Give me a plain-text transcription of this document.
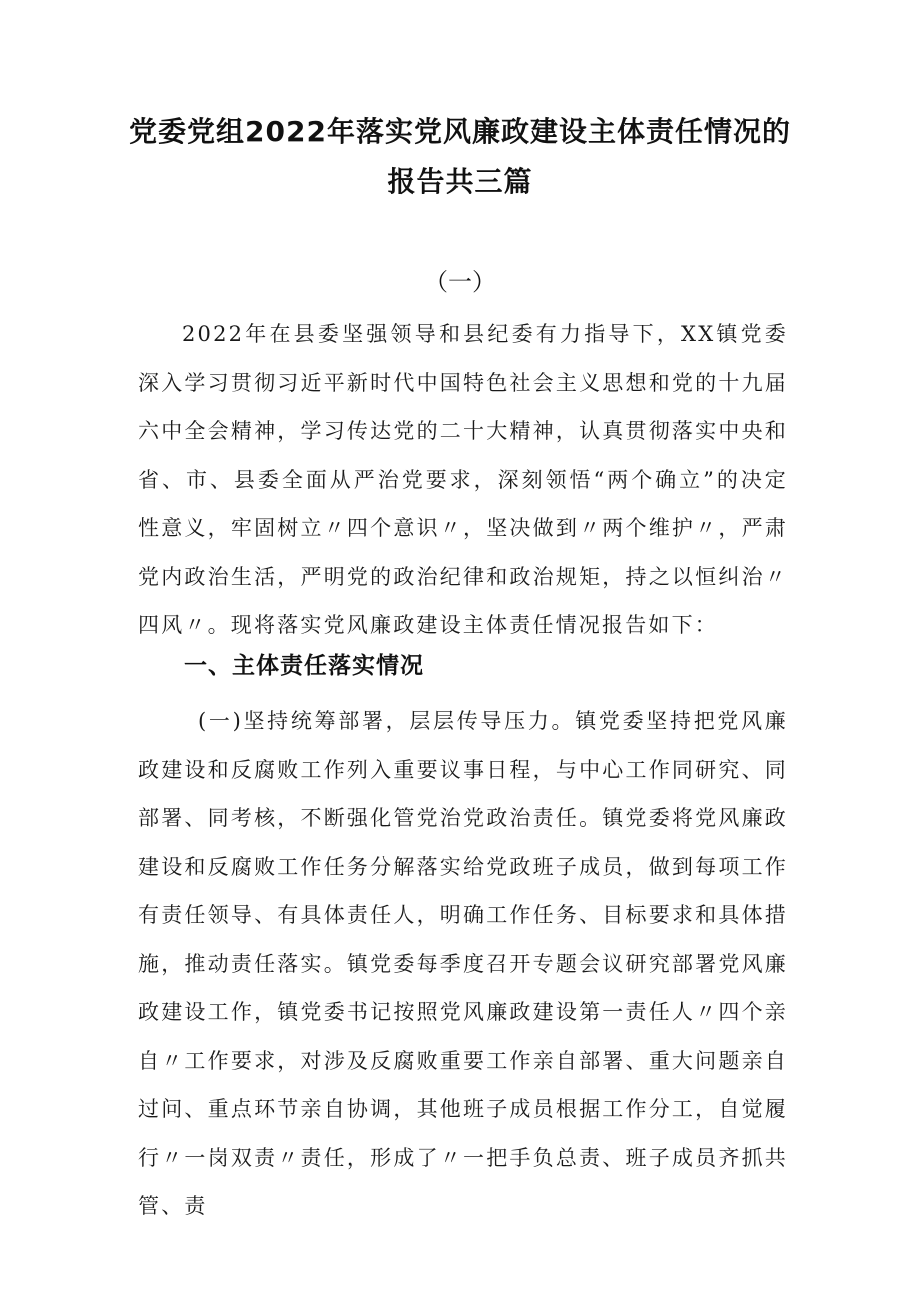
党委党组2022年落实党风廉政建设主体责任情况的
报告共三篇
（一）
2022年在县委坚强领导和县纪委有力指导下，XX镇党委深入学习贯彻习近平新时代中国特色社会主义思想和党的十九届六中全会精神，学习传达党的二十大精神，认真贯彻落实中央和省、市、县委全面从严治党要求，深刻领悟“两个确立”的决定性意义，牢固树立〃四个意识〃，坚决做到〃两个维护〃，严肃党内政治生活，严明党的政治纪律和政治规矩，持之以恒纠治〃四风〃。现将落实党风廉政建设主体责任情况报告如下：
一、主体责任落实情况
(一)坚持统筹部署，层层传导压力。镇党委坚持把党风廉政建设和反腐败工作列入重要议事日程，与中心工作同研究、同部署、同考核，不断强化管党治党政治责任。镇党委将党风廉政建设和反腐败工作任务分解落实给党政班子成员，做到每项工作有责任领导、有具体责任人，明确工作任务、目标要求和具体措施，推动责任落实。镇党委每季度召开专题会议研究部署党风廉政建设工作，镇党委书记按照党风廉政建设第一责任人〃四个亲自〃工作要求，对涉及反腐败重要工作亲自部署、重大问题亲自过问、重点环节亲自协调，其他班子成员根据工作分工，自觉履行〃一岗双责〃责任，形成了〃一把手负总责、班子成员齐抓共管、责
